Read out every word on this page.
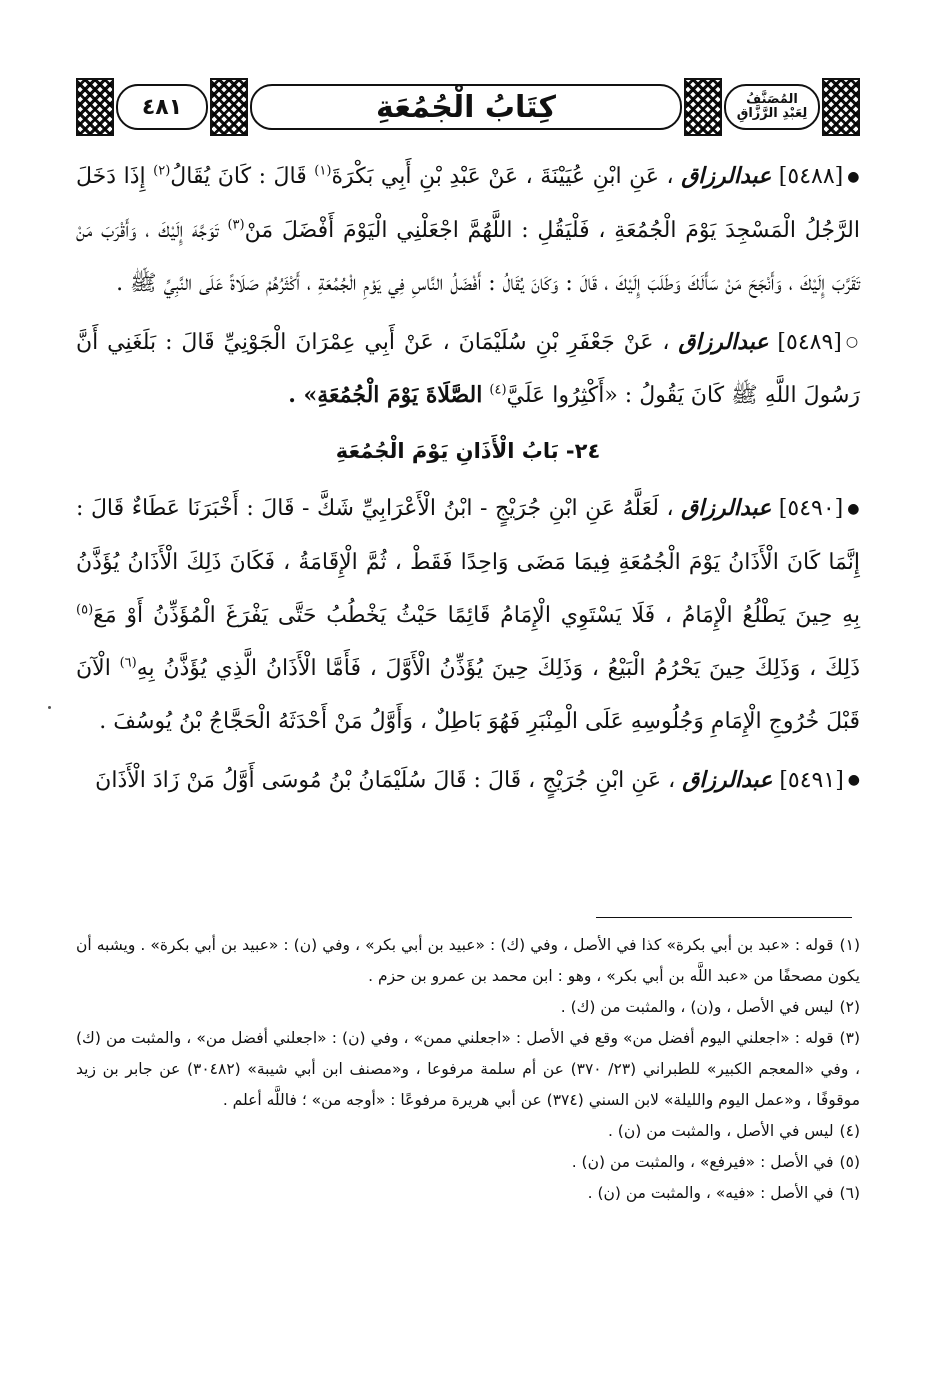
٤٨١	كِتَابُ الْجُمُعَةِ	المُصَنَّفُ
لِعَبْدِ الرَّزَّاقِ

●[٥٤٨٨] عبدالرزاق ، عَنِ ابْنِ عُيَيْنَةَ ، عَنْ عَبْدِ بْنِ أَبِي بَكْرَةَ$^{(١)}$ قَالَ : كَانَ يُقَالُ$^{(٢)}$ إِذَا دَخَلَ الرَّجُلُ الْمَسْجِدَ يَوْمَ الْجُمُعَةِ ، فَلْيَقُلِ : اللَّهُمَّ اجْعَلْنِي الْيَوْمَ أَفْضَلَ مَنْ$^{(٣)}$ تَوَجَّهَ إِلَيْكَ ، وَأَقْرَبَ مَنْ تَقَرَّبَ إِلَيْكَ ، وَأَنْجَحَ مَنْ سَأَلَكَ وَطَلَبَ إِلَيْكَ ، قَالَ : وَكَانَ يُقَالُ : أَفْضَلُ النَّاسِ فِي يَوْمِ الْجُمُعَةِ ، أَكْثَرُهُمْ صَلَاةً عَلَى النَّبِيِّ ﷺ .

○[٥٤٨٩] عبدالرزاق ، عَنْ جَعْفَرِ بْنِ سُلَيْمَانَ ، عَنْ أَبِي عِمْرَانَ الْجَوْنِيِّ قَالَ : بَلَغَنِي أَنَّ رَسُولَ اللَّهِ ﷺ كَانَ يَقُولُ : «أَكْثِرُوا عَلَيَّ$^{(٤)}$ الصَّلَاةَ يَوْمَ الْجُمُعَةِ» .

٢٤- بَابُ الْأَذَانِ يَوْمَ الْجُمُعَةِ

●[٥٤٩٠] عبدالرزاق ، لَعَلَّهُ عَنِ ابْنِ جُرَيْجٍ - ابْنُ الْأَعْرَابِيِّ شَكَّ - قَالَ : أَخْبَرَنَا عَطَاءٌ قَالَ : إِنَّمَا كَانَ الْأَذَانُ يَوْمَ الْجُمُعَةِ فِيمَا مَضَى وَاحِدًا فَقَطْ ، ثُمَّ الْإِقَامَةُ ، فَكَانَ ذَلِكَ الْأَذَانُ يُؤَذَّنُ بِهِ حِينَ يَطْلُعُ الْإِمَامُ ، فَلَا يَسْتَوِي الْإِمَامُ قَائِمًا حَيْثُ يَخْطُبُ حَتَّى يَفْرَغَ الْمُؤَذِّنُ أَوْ مَعَ$^{(٥)}$ ذَلِكَ ، وَذَلِكَ حِينَ يَحْرُمُ الْبَيْعُ ، وَذَلِكَ حِينَ يُؤَذِّنُ الْأَوَّلَ ، فَأَمَّا الْأَذَانُ الَّذِي يُؤَذَّنُ بِهِ$^{(٦)}$ الْآنَ قَبْلَ خُرُوجِ الْإِمَامِ وَجُلُوسِهِ عَلَى الْمِنْبَرِ فَهُوَ بَاطِلٌ ، وَأَوَّلُ مَنْ أَحْدَثَهُ الْحَجَّاجُ بْنُ يُوسُفَ .

●[٥٤٩١] عبدالرزاق ، عَنِ ابْنِ جُرَيْجٍ ، قَالَ : قَالَ سُلَيْمَانُ بْنُ مُوسَى أَوَّلُ مَنْ زَادَ الْأَذَانَ

(١)قوله : «عبد بن أبي بكرة» كذا في الأصل ، وفي (ك) : «عبيد بن أبي بكر» ، وفي (ن) : «عبيد بن أبي بكرة» . ويشبه أن يكون مصحفًا من «عبد اللَّه بن أبي بكر» ، وهو : ابن محمد بن عمرو بن حزم .

(٢)ليس في الأصل ، و(ن) ، والمثبت من (ك) .

(٣)قوله : «اجعلني اليوم أفضل من» وقع في الأصل : «اجعلني ممن» ، وفي (ن) : «اجعلني أفضل من» ، والمثبت من (ك) ، وفي «المعجم الكبير» للطبراني (٢٣/ ٣٧٠) عن أم سلمة مرفوعا ، و«مصنف ابن أبي شيبة» (٣٠٤٨٢) عن جابر بن زيد موقوفًا ، و«عمل اليوم والليلة» لابن السني (٣٧٤) عن أبي هريرة مرفوعًا : «أوجه من» ؛ فاللَّه أعلم .

(٤)ليس في الأصل ، والمثبت من (ن) .

(٥)في الأصل : «فيرفع» ، والمثبت من (ن) .

(٦)في الأصل : «فيه» ، والمثبت من (ن) .
